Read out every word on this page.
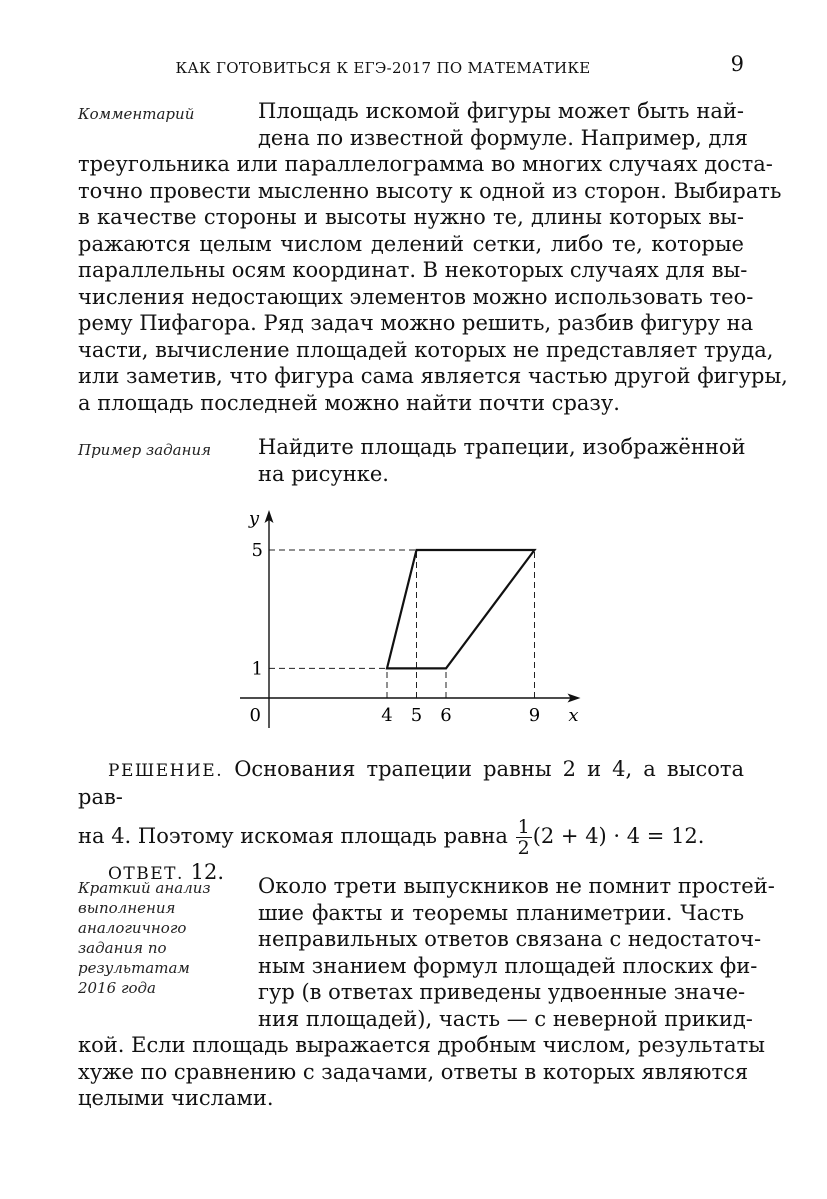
КАК ГОТОВИТЬСЯ К ЕГЭ-2017 ПО МАТЕМАТИКЕ	9
Комментарий	Площадь искомой фигуры может быть най-
дена по известной формуле. Например, для
треугольника или параллелограмма во многих случаях доста-
точно провести мысленно высоту к одной из сторон. Выбирать
в качестве стороны и высоты нужно те, длины которых вы-
ражаются целым числом делений сетки, либо те, которые
параллельны осям координат. В некоторых случаях для вы-
числения недостающих элементов можно использовать тео-
рему Пифагора. Ряд задач можно решить, разбив фигуру на
части, вычисление площадей которых не представляет труда,
или заметив, что фигура сама является частью другой фигуры,
а площадь последней можно найти почти сразу.
Пример задания Найдите площадь трапеции, изображённой
на рисунке.
4 5 6	9
1
5
0	x
y
РЕШЕНИЕ. Основания трапеции равны 2 и 4, а высота рав-
на 4. Поэтому искомая площадь равна $\frac{1}{2} (2 + 4) \cdot 4 = 12$.
ОТВЕТ. 12.
Краткий анализ
выполнения
аналогичного
задания по
результатам
2016 года
Около трети выпускников не помнит простей-
шие факты и теоремы планиметрии. Часть
неправильных ответов связана с недостаточ-
ным знанием формул площадей плоских фи-
гур (в ответах приведены удвоенные значе-
ния площадей), часть — с неверной прикид-
кой. Если площадь выражается дробным числом, результаты
хуже по сравнению с задачами, ответы в которых являются
целыми числами.
